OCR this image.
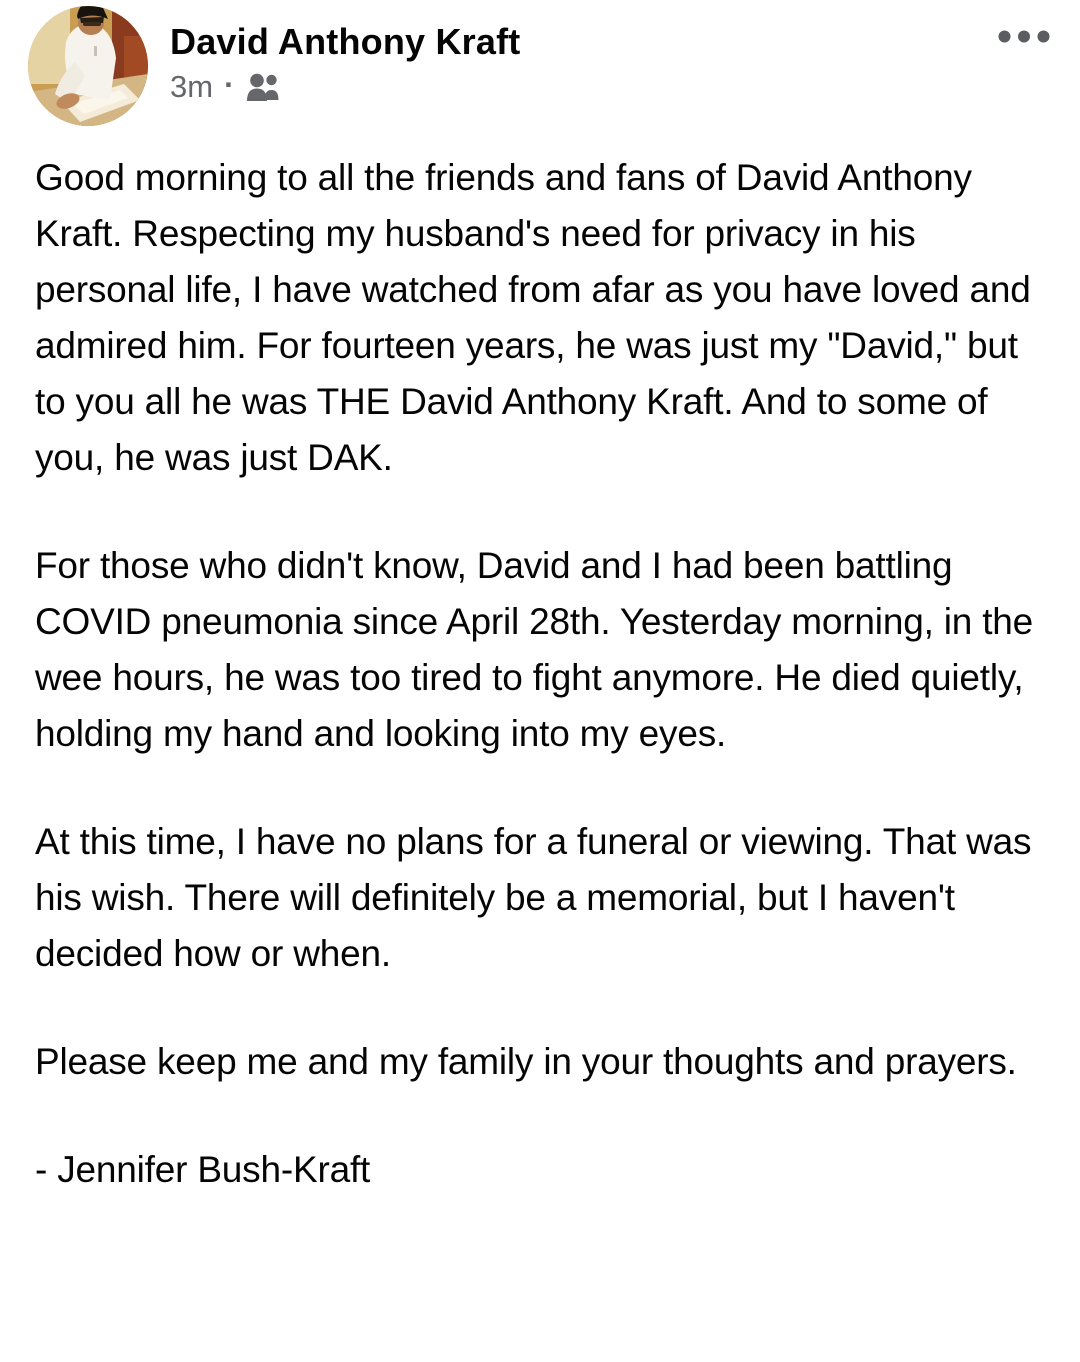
David Anthony Kraft
3m ·

Good morning to all the friends and fans of David Anthony Kraft. Respecting my husband's need for privacy in his personal life, I have watched from afar as you have loved and admired him. For fourteen years, he was just my "David," but to you all he was THE David Anthony Kraft. And to some of you, he was just DAK.

For those who didn't know, David and I had been battling COVID pneumonia since April 28th. Yesterday morning, in the wee hours, he was too tired to fight anymore. He died quietly, holding my hand and looking into my eyes.

At this time, I have no plans for a funeral or viewing. That was his wish. There will definitely be a memorial, but I haven't decided how or when.

Please keep me and my family in your thoughts and prayers.

- Jennifer Bush-Kraft
